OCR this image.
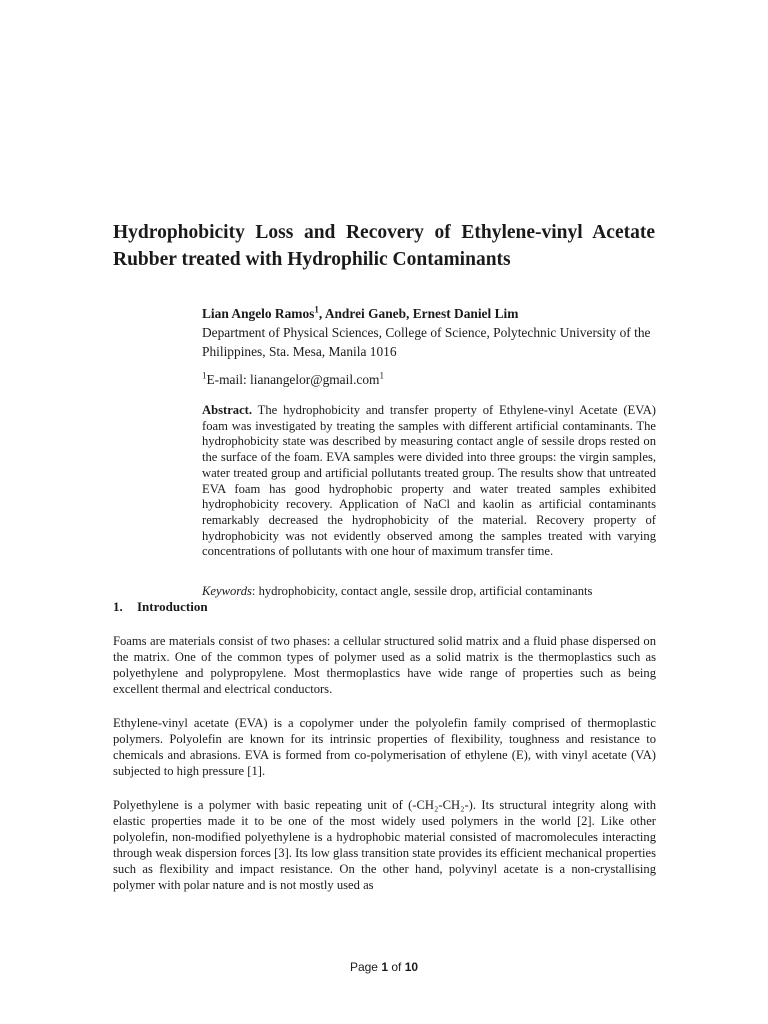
Hydrophobicity Loss and Recovery of Ethylene-vinyl Acetate Rubber treated with Hydrophilic Contaminants
Lian Angelo Ramos$^1$, Andrei Ganeb, Ernest Daniel Lim

Department of Physical Sciences, College of Science, Polytechnic University of the Philippines, Sta. Mesa, Manila 1016

$^1$E-mail: lianangelor@gmail.com$^1$

Abstract. The hydrophobicity and transfer property of Ethylene-vinyl Acetate (EVA) foam was investigated by treating the samples with different artificial contaminants. The hydrophobicity state was described by measuring contact angle of sessile drops rested on the surface of the foam. EVA samples were divided into three groups: the virgin samples, water treated group and artificial pollutants treated group. The results show that untreated EVA foam has good hydrophobic property and water treated samples exhibited hydrophobicity recovery. Application of NaCl and kaolin as artificial contaminants remarkably decreased the hydrophobicity of the material. Recovery property of hydrophobicity was not evidently observed among the samples treated with varying concentrations of pollutants with one hour of maximum transfer time.

Keywords: hydrophobicity, contact angle, sessile drop, artificial contaminants

1. Introduction

Foams are materials consist of two phases: a cellular structured solid matrix and a fluid phase dispersed on the matrix. One of the common types of polymer used as a solid matrix is the thermoplastics such as polyethylene and polypropylene. Most thermoplastics have wide range of properties such as being excellent thermal and electrical conductors.

Ethylene-vinyl acetate (EVA) is a copolymer under the polyolefin family comprised of thermoplastic polymers. Polyolefin are known for its intrinsic properties of flexibility, toughness and resistance to chemicals and abrasions. EVA is formed from co-polymerisation of ethylene (E), with vinyl acetate (VA) subjected to high pressure [1].

Polyethylene is a polymer with basic repeating unit of (-CH₂-CH₂-). Its structural integrity along with elastic properties made it to be one of the most widely used polymers in the world [2]. Like other polyolefin, non-modified polyethylene is a hydrophobic material consisted of macromolecules interacting through weak dispersion forces [3]. Its low glass transition state provides its efficient mechanical properties such as flexibility and impact resistance. On the other hand, polyvinyl acetate is a non-crystallising polymer with polar nature and is not mostly used as

Page 1 of 10
